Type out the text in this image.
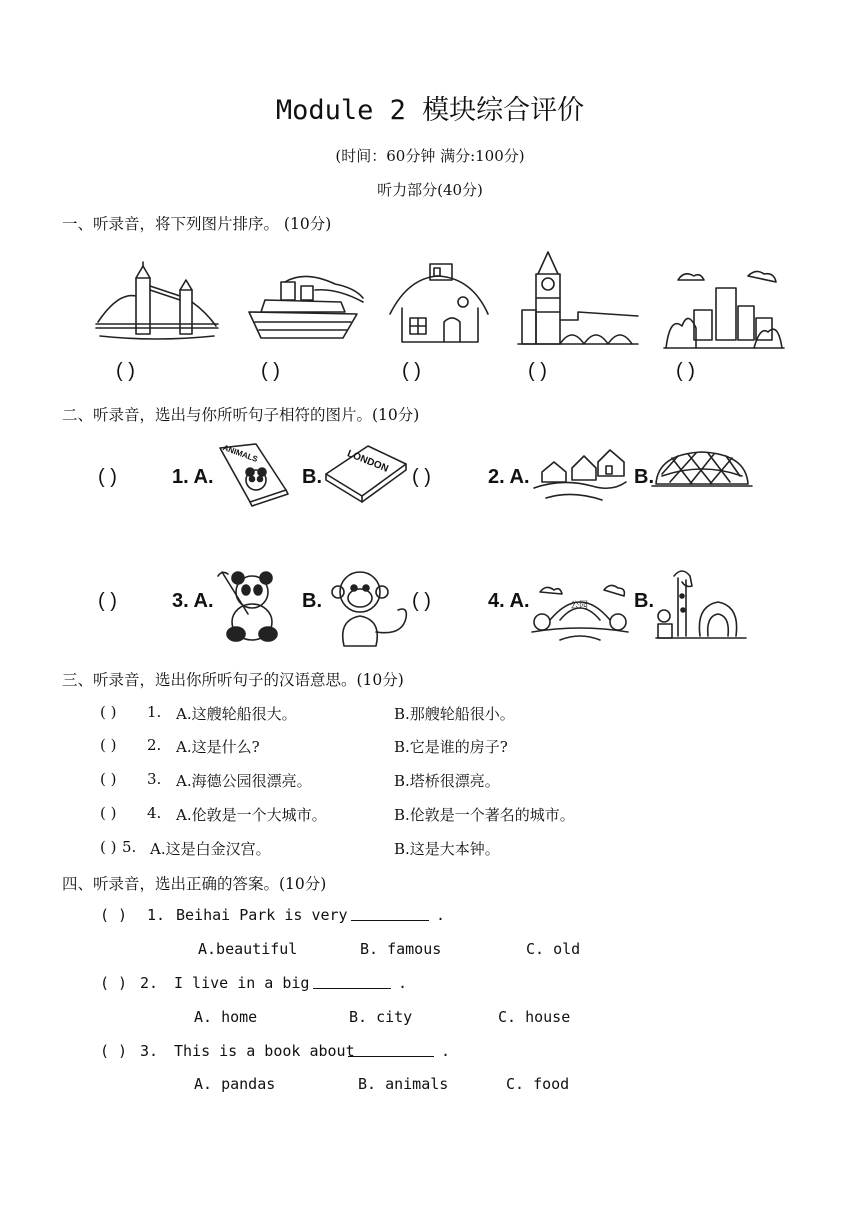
Module 2 模块综合评价
(时间：60分钟 满分:100分)
听力部分(40分)
一、听录音，将下列图片排序。 (10分)
( )	( )	( )	( )	( )
二、听录音，选出与你所听句子相符的图片。(10分)
( )	1. A.
ANIMALS
B.
LONDON
( )	2. A.	B.
( )	3. A.	B.	( )	4. A.	公园 B.
三、听录音，选出你所听句子的汉语意思。(10分)
( ) 1. A.这艘轮船很大。	B.那艘轮船很小。
( ) 2. A.这是什么?	B.它是谁的房子?
( ) 3. A.海德公园很漂亮。	B.塔桥很漂亮。
( ) 4. A.伦敦是一个大城市。	B.伦敦是一个著名的城市。
( ) 5. A.这是白金汉宫。	B.这是大本钟。
四、听录音，选出正确的答案。(10分)
( ) 1. Beihai Park is very	.
A.beautiful	B. famous	C. old
( ) 2. I live in a big	.
A. home	B. city	C. house
( ) 3. This is a book about	.
A. pandas	B. animals	C. food
